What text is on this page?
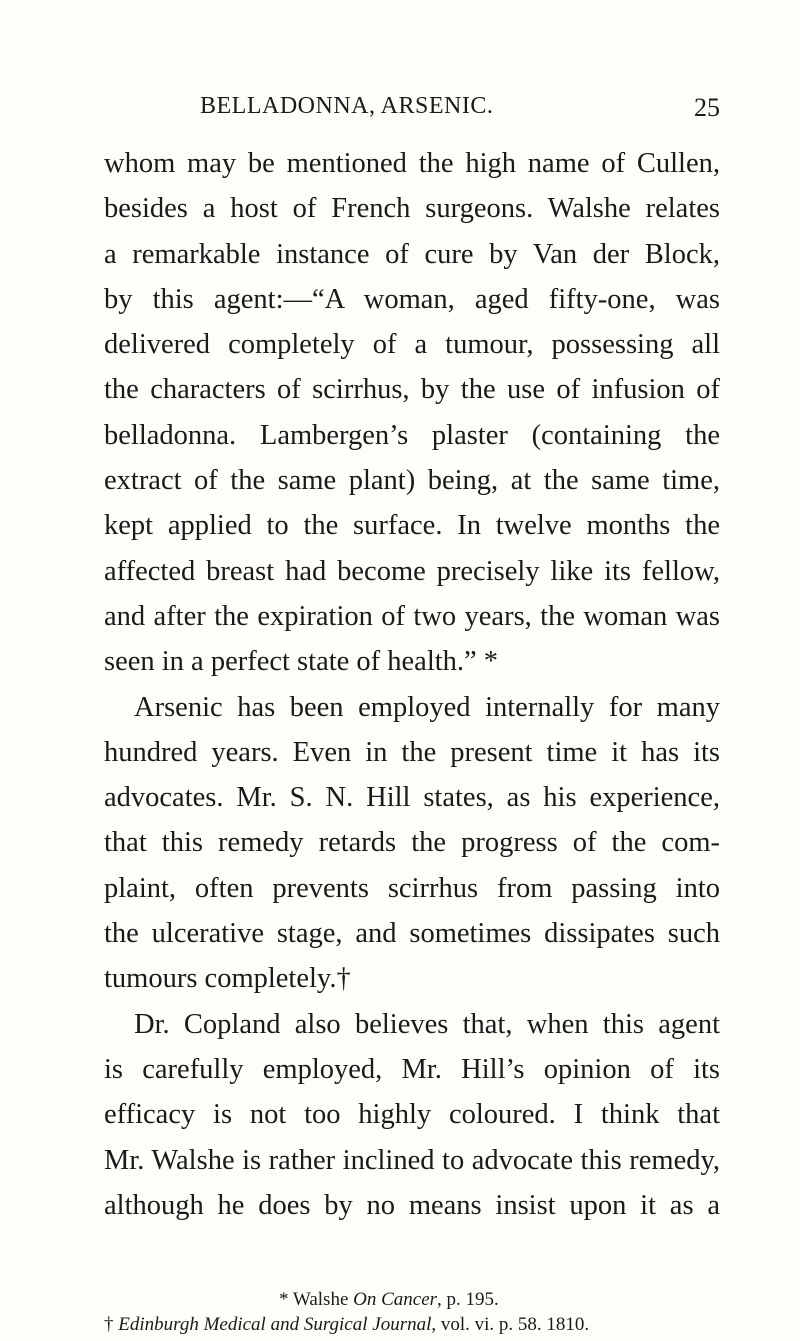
BELLADONNA, ARSENIC.	25
whom may be mentioned the high name of Cullen,
besides a host of French surgeons. Walshe relates
a remarkable instance of cure by Van der Block,
by this agent:—“A woman, aged fifty-one, was
delivered completely of a tumour, possessing all
the characters of scirrhus, by the use of infusion of
belladonna. Lambergen’s plaster (containing the
extract of the same plant) being, at the same time,
kept applied to the surface. In twelve months the
affected breast had become precisely like its fellow,
and after the expiration of two years, the woman was
seen in a perfect state of health.” *
Arsenic has been employed internally for many
hundred years. Even in the present time it has its
advocates. Mr. S. N. Hill states, as his experience,
that this remedy retards the progress of the com-
plaint, often prevents scirrhus from passing into
the ulcerative stage, and sometimes dissipates such
tumours completely.†
Dr. Copland also believes that, when this agent
is carefully employed, Mr. Hill’s opinion of its
efficacy is not too highly coloured. I think that
Mr. Walshe is rather inclined to advocate this remedy,
although he does by no means insist upon it as a
* Walshe On Cancer, p. 195.
† Edinburgh Medical and Surgical Journal, vol. vi. p. 58. 1810.
